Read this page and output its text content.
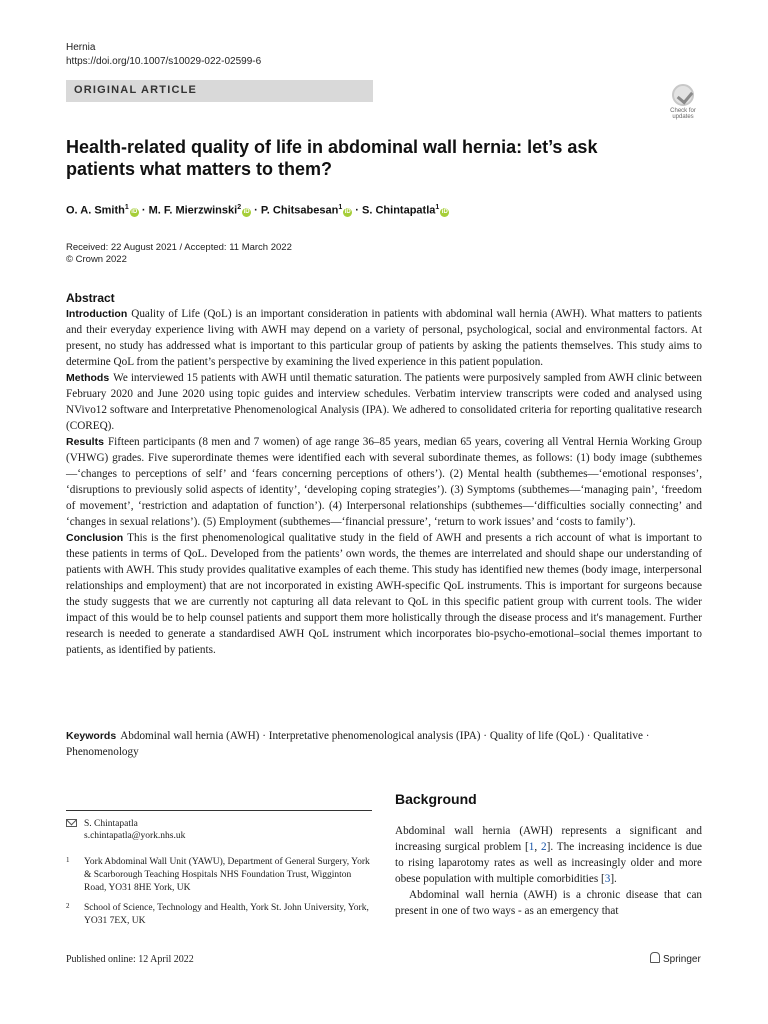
Hernia
https://doi.org/10.1007/s10029-022-02599-6
ORIGINAL ARTICLE
Check for
updates
Health-related quality of life in abdominal wall hernia: let’s ask patients what matters to them?
O. A. Smith$^1$iD · M. F. Mierzwinski$^2$iD · P. Chitsabesan$^1$iD · S. Chintapatla$^1$iD
Received: 22 August 2021 / Accepted: 11 March 2022
© Crown 2022
Abstract
Introduction Quality of Life (QoL) is an important consideration in patients with abdominal wall hernia (AWH). What matters to patients and their everyday experience living with AWH may depend on a variety of personal, psychological, social and environmental factors. At present, no study has addressed what is important to this particular group of patients by asking the patients themselves. This study aims to determine QoL from the patient’s perspective by examining the lived experience in this patient population.
Methods We interviewed 15 patients with AWH until thematic saturation. The patients were purposively sampled from AWH clinic between February 2020 and June 2020 using topic guides and interview schedules. Verbatim interview transcripts were coded and analysed using NVivo12 software and Interpretative Phenomenological Analysis (IPA). We adhered to consolidated criteria for reporting qualitative research (COREQ).
Results Fifteen participants (8 men and 7 women) of age range 36–85 years, median 65 years, covering all Ventral Hernia Working Group (VHWG) grades. Five superordinate themes were identified each with several subordinate themes, as follows: (1) body image (subthemes—‘changes to perceptions of self’ and ‘fears concerning perceptions of others’). (2) Mental health (subthemes—‘emotional responses’, ‘disruptions to previously solid aspects of identity’, ‘developing coping strategies’). (3) Symptoms (subthemes—‘managing pain’, ‘freedom of movement’, ‘restriction and adaptation of function’). (4) Interpersonal relationships (subthemes—‘difficulties socially connecting’ and ‘changes in sexual relations’). (5) Employment (subthemes—‘financial pressure’, ‘return to work issues’ and ‘costs to family’).
Conclusion This is the first phenomenological qualitative study in the field of AWH and presents a rich account of what is important to these patients in terms of QoL. Developed from the patients’ own words, the themes are interrelated and should shape our understanding of patients with AWH. This study provides qualitative examples of each theme. This study has identified new themes (body image, interpersonal relationships and employment) that are not incorporated in existing AWH-specific QoL instruments. This is important for surgeons because the study suggests that we are currently not capturing all data relevant to QoL in this specific patient group with current tools. The wider impact of this would be to help counsel patients and support them more holistically through the disease process and it's management. Further research is needed to generate a standardised AWH QoL instrument which incorporates bio-psycho-emotional–social themes important to patients, as identified by patients.
Keywords Abdominal wall hernia (AWH) · Interpretative phenomenological analysis (IPA) · Quality of life (QoL) · Qualitative · Phenomenology
S. Chintapatla
s.chintapatla@york.nhs.uk
1 York Abdominal Wall Unit (YAWU), Department of General Surgery, York & Scarborough Teaching Hospitals NHS Foundation Trust, Wigginton Road, YO31 8HE York, UK
2 School of Science, Technology and Health, York St. John University, York, YO31 7EX, UK
Published online: 12 April 2022	Springer
Background

Abdominal wall hernia (AWH) represents a significant and increasing surgical problem [1, 2]. The increasing incidence is due to rising laparotomy rates as well as increasingly older and more obese population with multiple comorbidities [3].

Abdominal wall hernia (AWH) is a chronic disease that can present in one of two ways - as an emergency that
